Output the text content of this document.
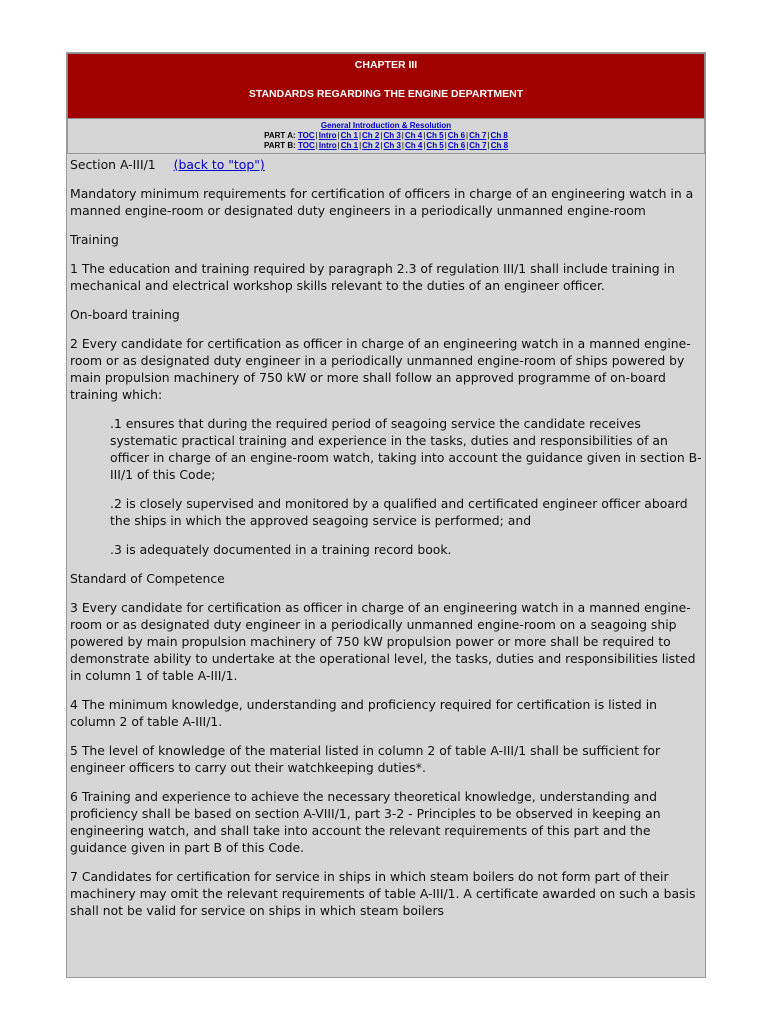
CHAPTER III
STANDARDS REGARDING THE ENGINE DEPARTMENT
General Introduction & Resolution
PART A: TOC|Intro|Ch 1|Ch 2|Ch 3|Ch 4|Ch 5|Ch 6|Ch 7|Ch 8
PART B: TOC|Intro|Ch 1|Ch 2|Ch 3|Ch 4|Ch 5|Ch 6|Ch 7|Ch 8

Section A-III/1 (back to "top")

Mandatory minimum requirements for certification of officers in charge of an engineering watch in a manned engine-room or designated duty engineers in a periodically unmanned engine-room

Training

1 The education and training required by paragraph 2.3 of regulation III/1 shall include training in mechanical and electrical workshop skills relevant to the duties of an engineer officer.

On-board training

2 Every candidate for certification as officer in charge of an engineering watch in a manned engine-room or as designated duty engineer in a periodically unmanned engine-room of ships powered by main propulsion machinery of 750 kW or more shall follow an approved programme of on-board training which:

.1 ensures that during the required period of seagoing service the candidate receives systematic practical training and experience in the tasks, duties and responsibilities of an officer in charge of an engine-room watch, taking into account the guidance given in section B-III/1 of this Code;

.2 is closely supervised and monitored by a qualified and certificated engineer officer aboard the ships in which the approved seagoing service is performed; and

.3 is adequately documented in a training record book.

Standard of Competence

3 Every candidate for certification as officer in charge of an engineering watch in a manned engine-room or as designated duty engineer in a periodically unmanned engine-room on a seagoing ship powered by main propulsion machinery of 750 kW propulsion power or more shall be required to demonstrate ability to undertake at the operational level, the tasks, duties and responsibilities listed in column 1 of table A-III/1.

4 The minimum knowledge, understanding and proficiency required for certification is listed in column 2 of table A-III/1.

5 The level of knowledge of the material listed in column 2 of table A-III/1 shall be sufficient for engineer officers to carry out their watchkeeping duties*.

6 Training and experience to achieve the necessary theoretical knowledge, understanding and proficiency shall be based on section A-VIII/1, part 3-2 - Principles to be observed in keeping an engineering watch, and shall take into account the relevant requirements of this part and the guidance given in part B of this Code.

7 Candidates for certification for service in ships in which steam boilers do not form part of their machinery may omit the relevant requirements of table A-III/1. A certificate awarded on such a basis shall not be valid for service on ships in which steam boilers
